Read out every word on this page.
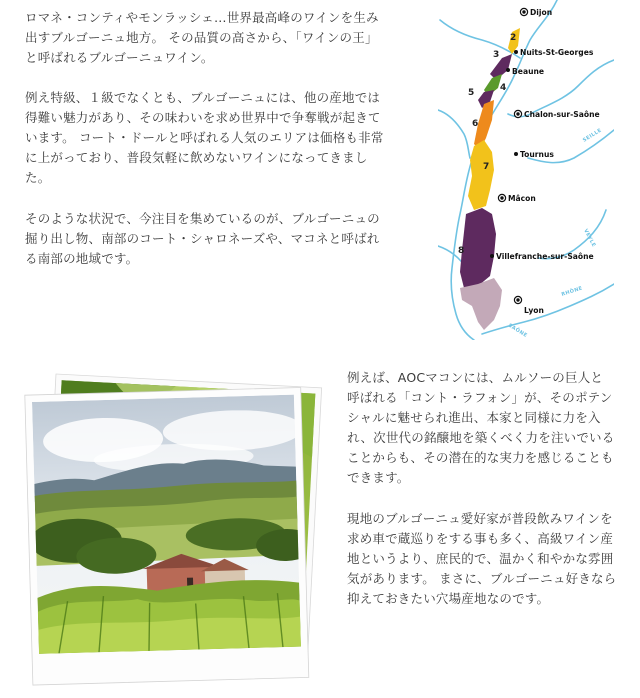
ロマネ・コンティやモンラッシェ…世界最高峰のワインを生み
出すブルゴーニュ地方。 その品質の高さから、「ワインの王」
と呼ばれるブルゴーニュワイン。
例え特級、１級でなくとも、ブルゴーニュには、他の産地では
得難い魅力があり、その味わいを求め世界中で争奪戦が起きて
います。 コート・ドールと呼ばれる人気のエリアは価格も非常
に上がっており、普段気軽に飲めないワインになってきまし
た。
そのような状況で、今注目を集めているのが、ブルゴーニュの
掘り出し物、南部のコート・シャロネーズや、マコネと呼ばれ
る南部の地域です。
Dijon
Nuits-St-Georges
Beaune
Chalon-sur-Saône
Tournus
Mâcon
Villefranche-sur-Saône
Lyon
SEILLE
VEYLE
RHÔNE
SAÔNE
2
3
4
5
6
7
8
例えば、AOCマコンには、ムルソーの巨人と
呼ばれる「コント・ラフォン」が、そのポテン
シャルに魅せられ進出、本家と同様に力を入
れ、次世代の銘醸地を築くべく力を注いでいる
ことからも、その潜在的な実力を感じることも
できます。
現地のブルゴーニュ愛好家が普段飲みワインを
求め車で蔵巡りをする事も多く、高級ワイン産
地というより、庶民的で、温かく和やかな雰囲
気があります。 まさに、ブルゴーニュ好きなら
抑えておきたい穴場産地なのです。
